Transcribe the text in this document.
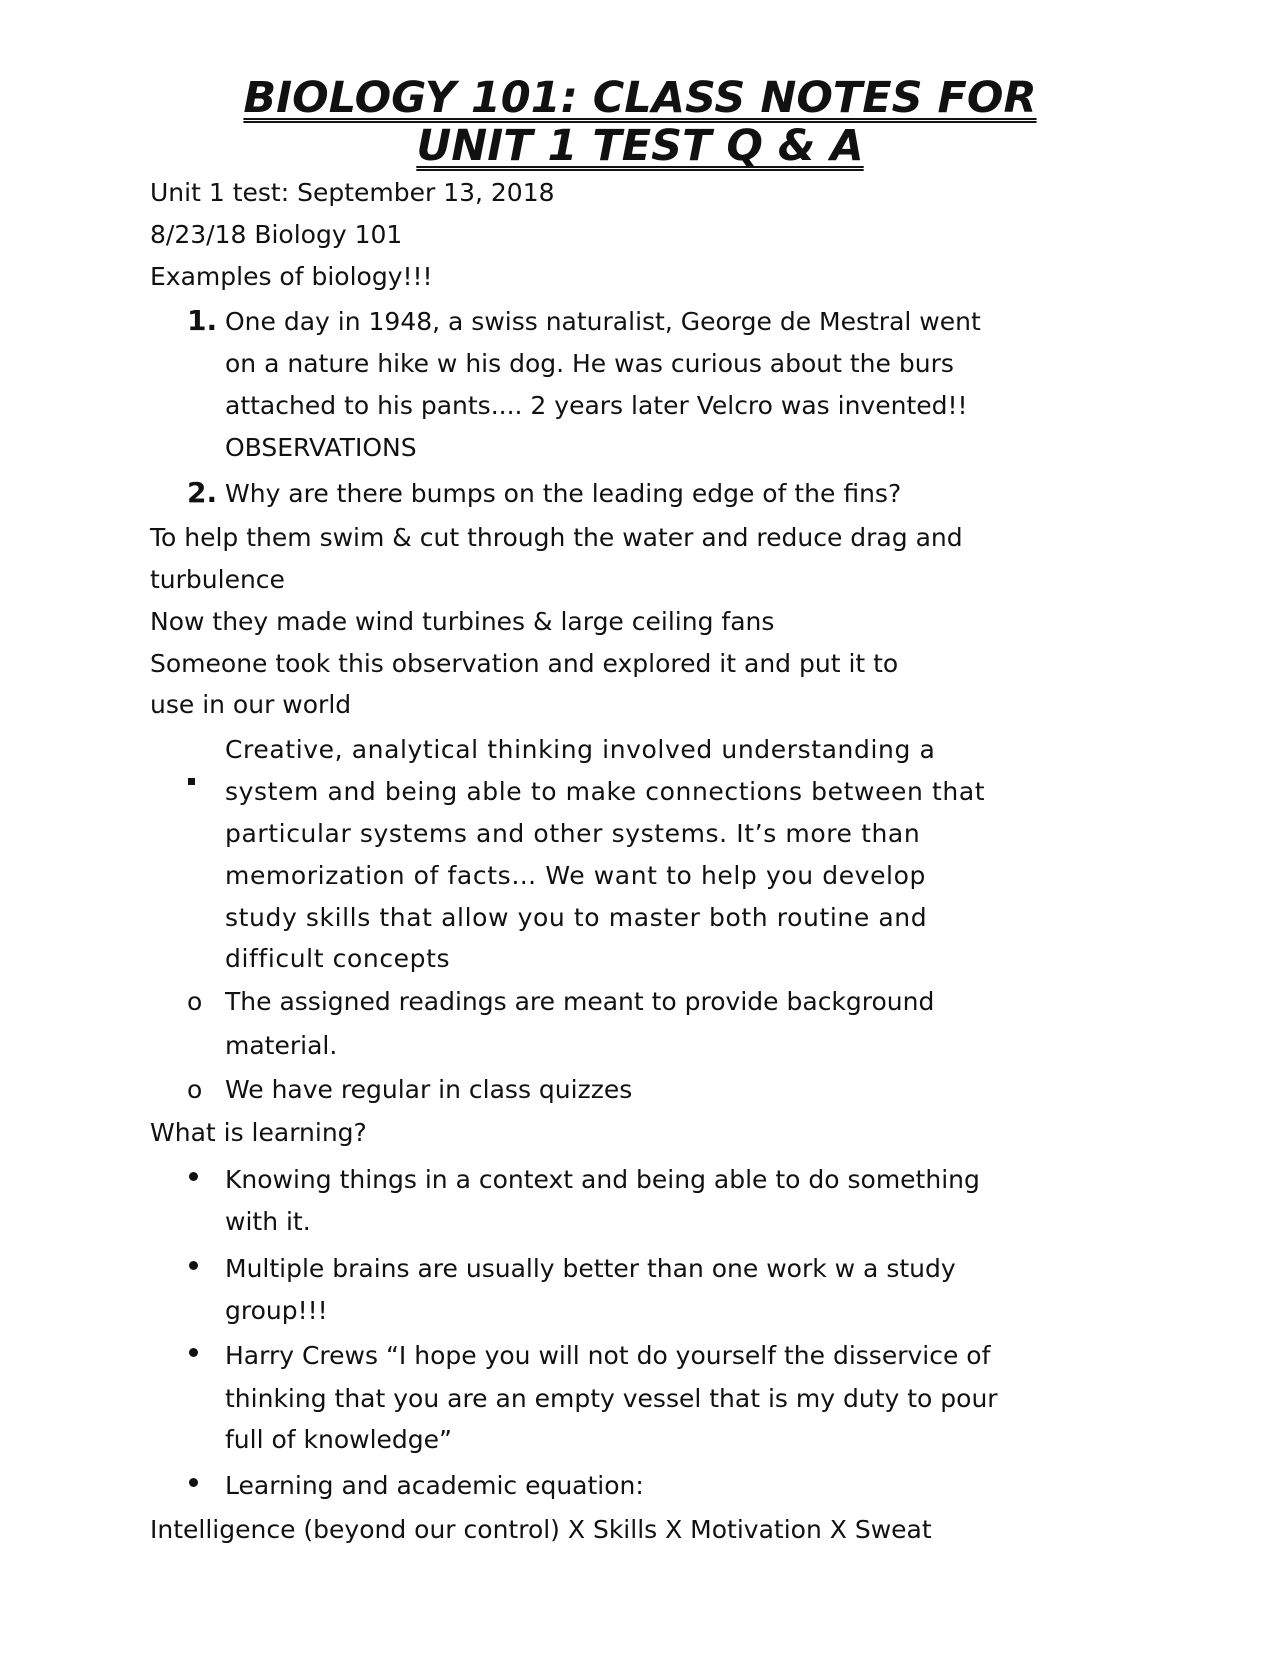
BIOLOGY 101: CLASS NOTES FOR
UNIT 1 TEST Q & A

Unit 1 test: September 13, 2018

8/23/18 Biology 101

Examples of biology!!!

1. One day in 1948, a swiss naturalist, George de Mestral went

on a nature hike w his dog. He was curious about the burs

attached to his pants.... 2 years later Velcro was invented!!

OBSERVATIONS

2. Why are there bumps on the leading edge of the fins?

To help them swim & cut through the water and reduce drag and

turbulence

Now they made wind turbines & large ceiling fans

Someone took this observation and explored it and put it to

use in our world

Creative, analytical thinking involved understanding a

system and being able to make connections between that

particular systems and other systems. It’s more than

memorization of facts… We want to help you develop

study skills that allow you to master both routine and

difficult concepts

o The assigned readings are meant to provide background

material.

o We have regular in class quizzes

What is learning?

Knowing things in a context and being able to do something

with it.

Multiple brains are usually better than one work w a study

group!!!

Harry Crews “I hope you will not do yourself the disservice of

thinking that you are an empty vessel that is my duty to pour

full of knowledge”

Learning and academic equation:

Intelligence (beyond our control) X Skills X Motivation X Sweat
